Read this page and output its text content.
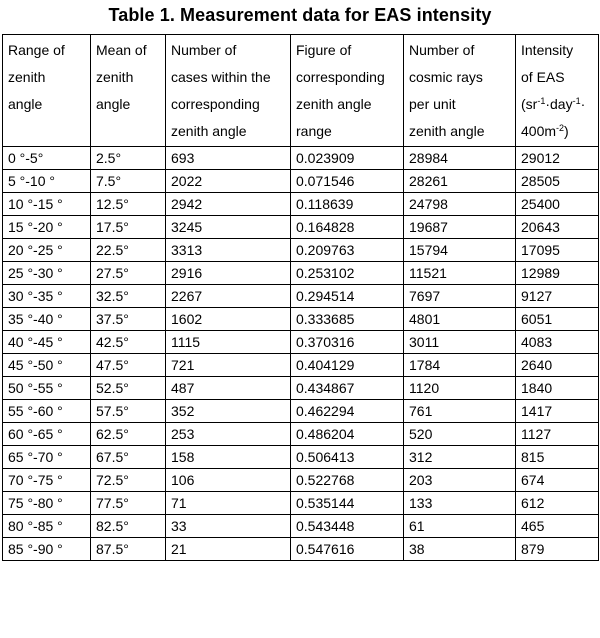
Table 1. Measurement data for EAS intensity
Range of
zenith
angle	Mean of
zenith
angle	Number of
cases within the
corresponding
zenith angle	Figure of
corresponding
zenith angle
range	Number of
cosmic rays
per unit
zenith angle	Intensity
of EAS
($sr^{-1}\cdot day^{-1}\cdot$
$400m^{-2}$)
0 °-5°	2.5°	693	0.023909	28984	29012
5 °-10 °	7.5°	2022	0.071546	28261	28505
10 °-15 °	12.5°	2942	0.118639	24798	25400
15 °-20 °	17.5°	3245	0.164828	19687	20643
20 °-25 °	22.5°	3313	0.209763	15794	17095
25 °-30 °	27.5°	2916	0.253102	11521	12989
30 °-35 °	32.5°	2267	0.294514	7697	9127
35 °-40 °	37.5°	1602	0.333685	4801	6051
40 °-45 °	42.5°	1115	0.370316	3011	4083
45 °-50 °	47.5°	721	0.404129	1784	2640
50 °-55 °	52.5°	487	0.434867	1120	1840
55 °-60 °	57.5°	352	0.462294	761	1417
60 °-65 °	62.5°	253	0.486204	520	1127
65 °-70 °	67.5°	158	0.506413	312	815
70 °-75 °	72.5°	106	0.522768	203	674
75 °-80 °	77.5°	71	0.535144	133	612
80 °-85 °	82.5°	33	0.543448	61	465
85 °-90 °	87.5°	21	0.547616	38	879
